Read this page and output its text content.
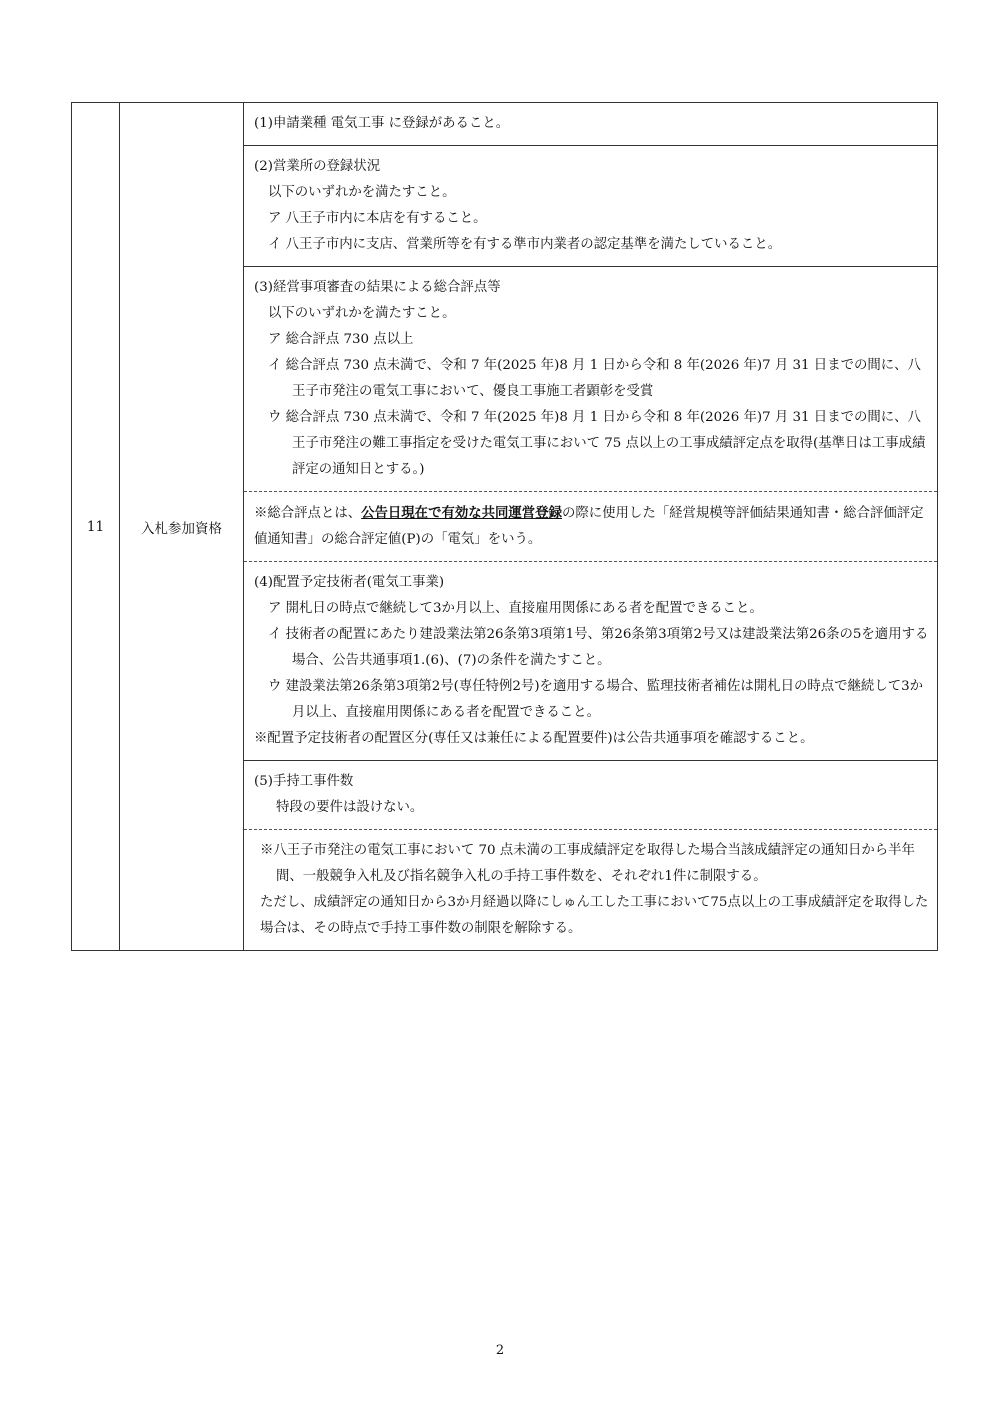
11	入札参加資格
(1)申請業種 電気工事 に登録があること。
(2)営業所の登録状況
以下のいずれかを満たすこと。
ア 八王子市内に本店を有すること。
イ 八王子市内に支店、営業所等を有する準市内業者の認定基準を満たしていること。
(3)経営事項審査の結果による総合評点等
以下のいずれかを満たすこと。
ア 総合評点 730 点以上
イ 総合評点 730 点未満で、令和 7 年(2025 年)8 月 1 日から令和 8 年(2026 年)7 月 31 日までの間に、八王子市発注の電気工事において、優良工事施工者顕彰を受賞
ウ 総合評点 730 点未満で、令和 7 年(2025 年)8 月 1 日から令和 8 年(2026 年)7 月 31 日までの間に、八王子市発注の難工事指定を受けた電気工事において 75 点以上の工事成績評定点を取得(基準日は工事成績評定の通知日とする。)
※総合評点とは、公告日現在で有効な共同運営登録の際に使用した「経営規模等評価結果通知書・総合評価評定値通知書」の総合評定値(P)の「電気」をいう。
(4)配置予定技術者(電気工事業)
ア 開札日の時点で継続して3か月以上、直接雇用関係にある者を配置できること。
イ 技術者の配置にあたり建設業法第26条第3項第1号、第26条第3項第2号又は建設業法第26条の5を適用する場合、公告共通事項1.(6)、(7)の条件を満たすこと。
ウ 建設業法第26条第3項第2号(専任特例2号)を適用する場合、監理技術者補佐は開札日の時点で継続して3か月以上、直接雇用関係にある者を配置できること。
※配置予定技術者の配置区分(専任又は兼任による配置要件)は公告共通事項を確認すること。
(5)手持工事件数
特段の要件は設けない。
※八王子市発注の電気工事において 70 点未満の工事成績評定を取得した場合当該成績評定の通知日から半年間、一般競争入札及び指名競争入札の手持工事件数を、それぞれ1件に制限する。
ただし、成績評定の通知日から3か月経過以降にしゅん工した工事において75点以上の工事成績評定を取得した場合は、その時点で手持工事件数の制限を解除する。
2
